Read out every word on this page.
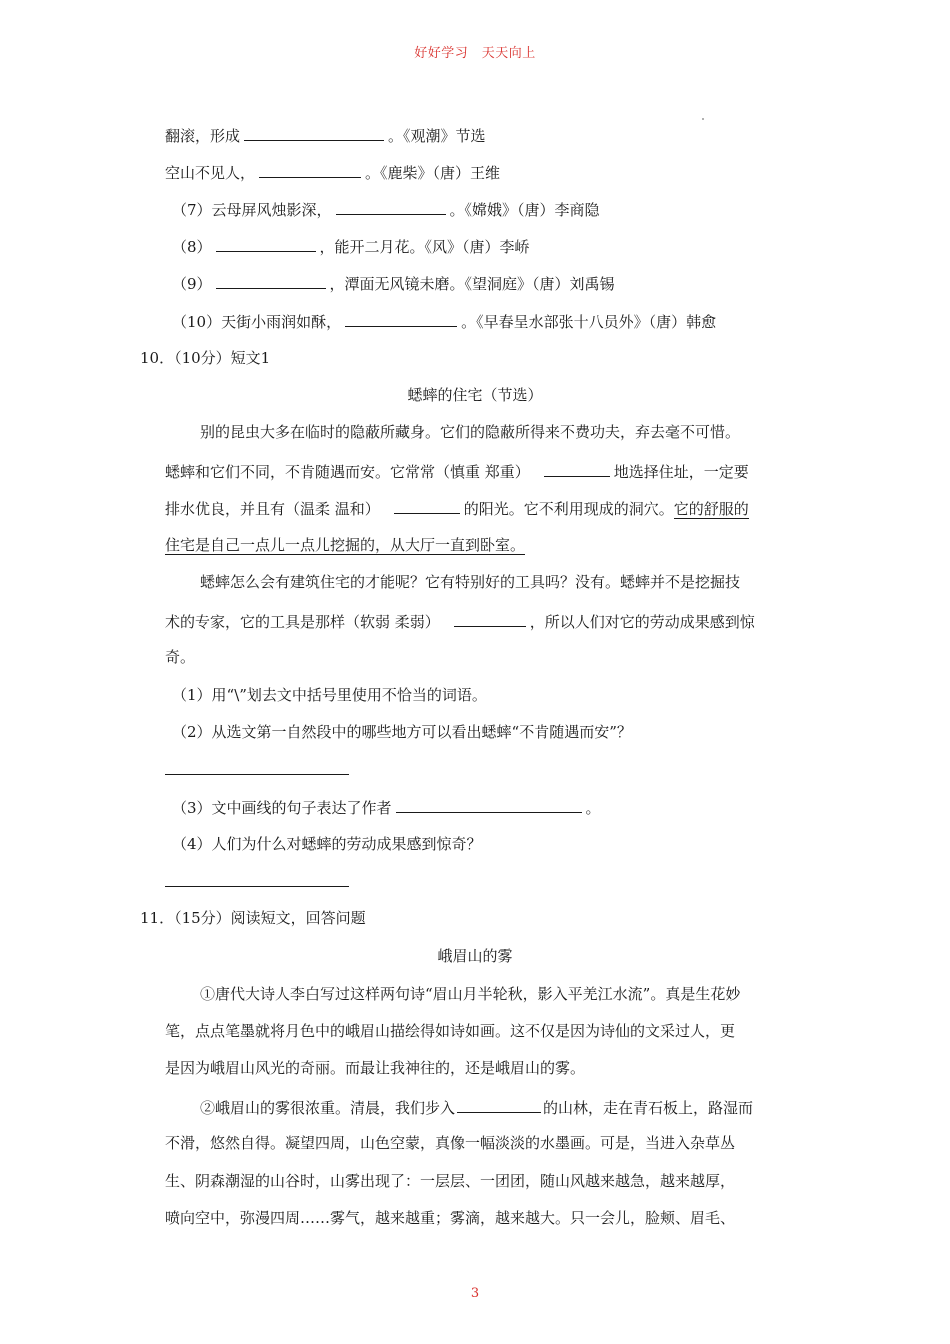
好好学习　天天向上
翻滚，形成	。《观潮》节选
空山不见人，	。《鹿柴》（唐）王维
（7）云母屏风烛影深，	。《嫦娥》（唐）李商隐
（8）	，能开二月花。《风》（唐）李峤
（9）	，潭面无风镜未磨。《望洞庭》（唐）刘禹锡
（10）天街小雨润如酥，	。《早春呈水部张十八员外》（唐）韩愈
10．（10分）短文1
蟋蟀的住宅（节选）
别的昆虫大多在临时的隐蔽所藏身。它们的隐蔽所得来不费功夫，弃去毫不可惜。
蟋蟀和它们不同，不肯随遇而安。它常常（慎重 郑重）	地选择住址，一定要
排水优良，并且有（温柔 温和）	的阳光。它不利用现成的洞穴。它的舒服的
住宅是自己一点儿一点儿挖掘的，从大厅一直到卧室。
蟋蟀怎么会有建筑住宅的才能呢？它有特别好的工具吗？没有。蟋蟀并不是挖掘技
术的专家，它的工具是那样（软弱 柔弱）	，所以人们对它的劳动成果感到惊
奇。
（1）用“\”划去文中括号里使用不恰当的词语。
（2）从选文第一自然段中的哪些地方可以看出蟋蟀“不肯随遇而安”？
（3）文中画线的句子表达了作者	。
（4）人们为什么对蟋蟀的劳动成果感到惊奇？
11．（15分）阅读短文，回答问题
峨眉山的雾
①唐代大诗人李白写过这样两句诗“眉山月半轮秋，影入平羌江水流”。真是生花妙
笔，点点笔墨就将月色中的峨眉山描绘得如诗如画。这不仅是因为诗仙的文采过人，更
是因为峨眉山风光的奇丽。而最让我神往的，还是峨眉山的雾。
②峨眉山的雾很浓重。清晨，我们步入	的山林，走在青石板上，路湿而
不滑，悠然自得。凝望四周，山色空蒙，真像一幅淡淡的水墨画。可是，当进入杂草丛
生、阴森潮湿的山谷时，山雾出现了：一层层、一团团，随山风越来越急，越来越厚，
喷向空中，弥漫四周……雾气，越来越重；雾滴，越来越大。只一会儿，脸颊、眉毛、
3
